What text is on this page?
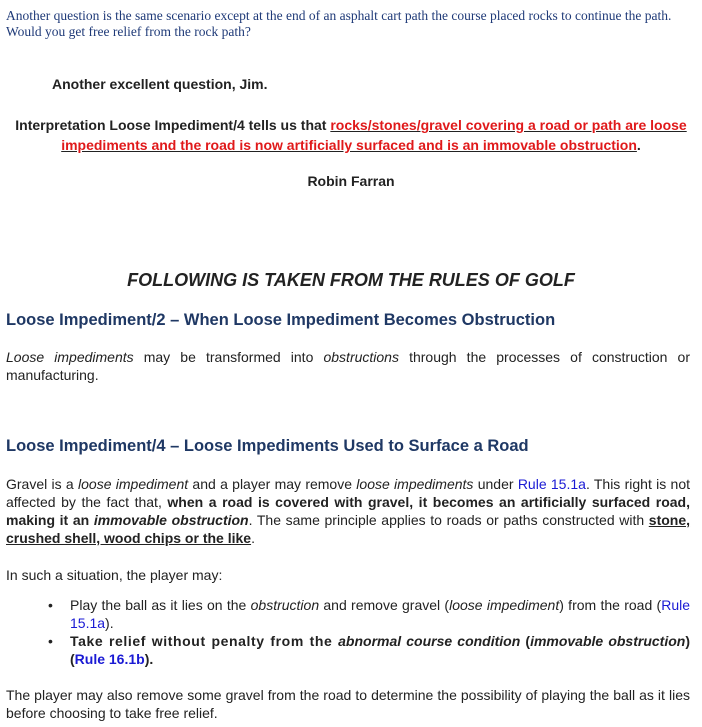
Another question is the same scenario except at the end of an asphalt cart path the course placed rocks to continue the path.
Would you get free relief from the rock path?
Another excellent question, Jim.
Interpretation Loose Impediment/4 tells us that rocks/stones/gravel covering a road or path are loose impediments and the road is now artificially surfaced and is an immovable obstruction.
Robin Farran
FOLLOWING IS TAKEN FROM THE RULES OF GOLF
Loose Impediment/2 – When Loose Impediment Becomes Obstruction
Loose impediments may be transformed into obstructions through the processes of construction or manufacturing.
Loose Impediment/4 – Loose Impediments Used to Surface a Road
Gravel is a loose impediment and a player may remove loose impediments under Rule 15.1a. This right is not affected by the fact that, when a road is covered with gravel, it becomes an artificially surfaced road, making it an immovable obstruction. The same principle applies to roads or paths constructed with stone, crushed shell, wood chips or the like.
In such a situation, the player may:
• Play the ball as it lies on the obstruction and remove gravel (loose impediment) from the road (Rule 15.1a).
• Take relief without penalty from the abnormal course condition (immovable obstruction) (Rule 16.1b).
The player may also remove some gravel from the road to determine the possibility of playing the ball as it lies before choosing to take free relief.
